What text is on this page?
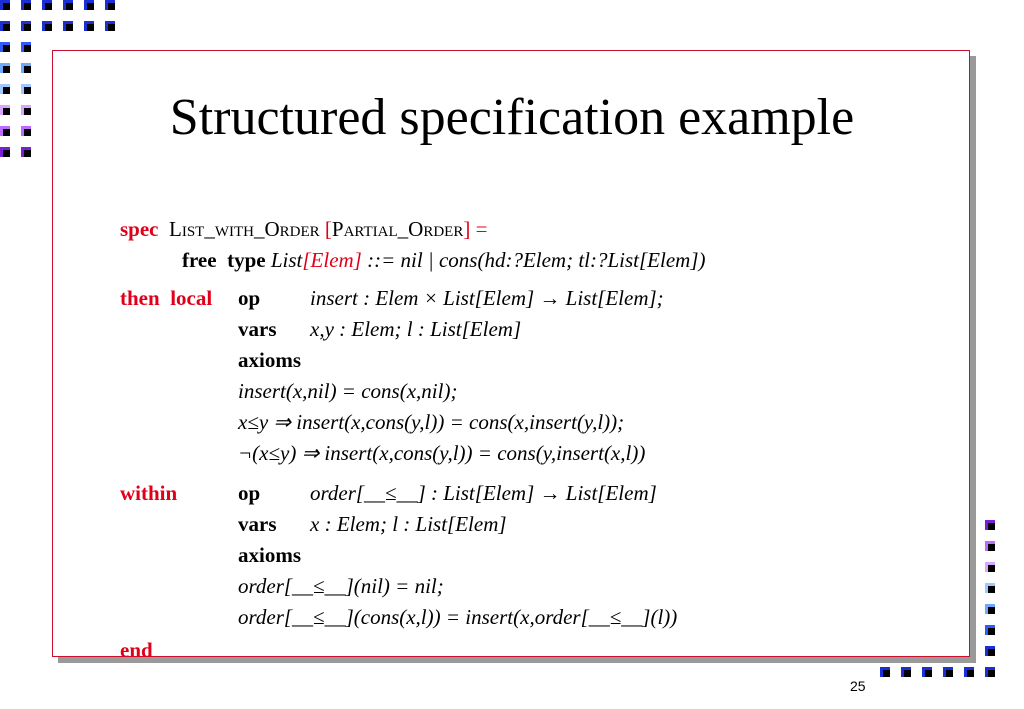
Structured specification example
spec List_with_Order [Partial_Order] =
free type List[Elem] ::= nil | cons(hd:?Elem; tl:?List[Elem])
then local op insert : Elem × List[Elem] → List[Elem];
vars x,y : Elem; l : List[Elem]
axioms
insert(x,nil) = cons(x,nil);
x≤y ⇒ insert(x,cons(y,l)) = cons(x,insert(y,l));
¬(x≤y) ⇒ insert(x,cons(y,l)) = cons(y,insert(x,l))
within	op order[__≤__] : List[Elem] → List[Elem]
vars x : Elem; l : List[Elem]
axioms
order[__≤__](nil) = nil;
order[__≤__](cons(x,l)) = insert(x,order[__≤__](l))
end
25
